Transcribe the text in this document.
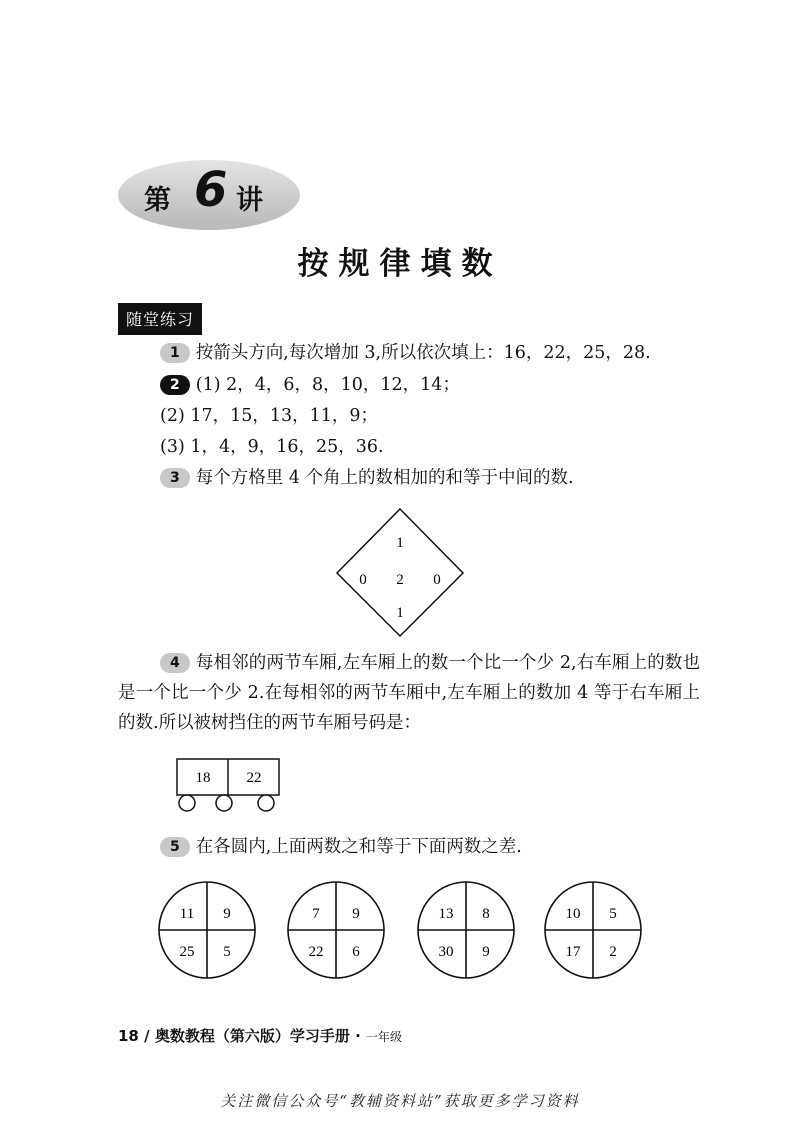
第 6 讲
按规律填数
随堂练习
1 按箭头方向,每次增加 3,所以依次填上：16，22，25，28.
2 (1) 2，4，6，8，10，12，14；
(2) 17，15，13，11，9；
(3) 1，4，9，16，25，36.
3 每个方格里 4 个角上的数相加的和等于中间的数.
1
0 2 0
1
4 每相邻的两节车厢,左车厢上的数一个比一个少 2,右车厢上的数也是一个比一个少 2.在每相邻的两节车厢中,左车厢上的数加 4 等于右车厢上的数.所以被树挡住的两节车厢号码是：
18 22
5 在各圆内,上面两数之和等于下面两数之差.
11 9
25 5
7 9
22 6
13 8
30 9
10 5
17 2
18 / 奥数教程（第六版）学习手册 · 一年级
关注微信公众号“教辅资料站”获取更多学习资料
